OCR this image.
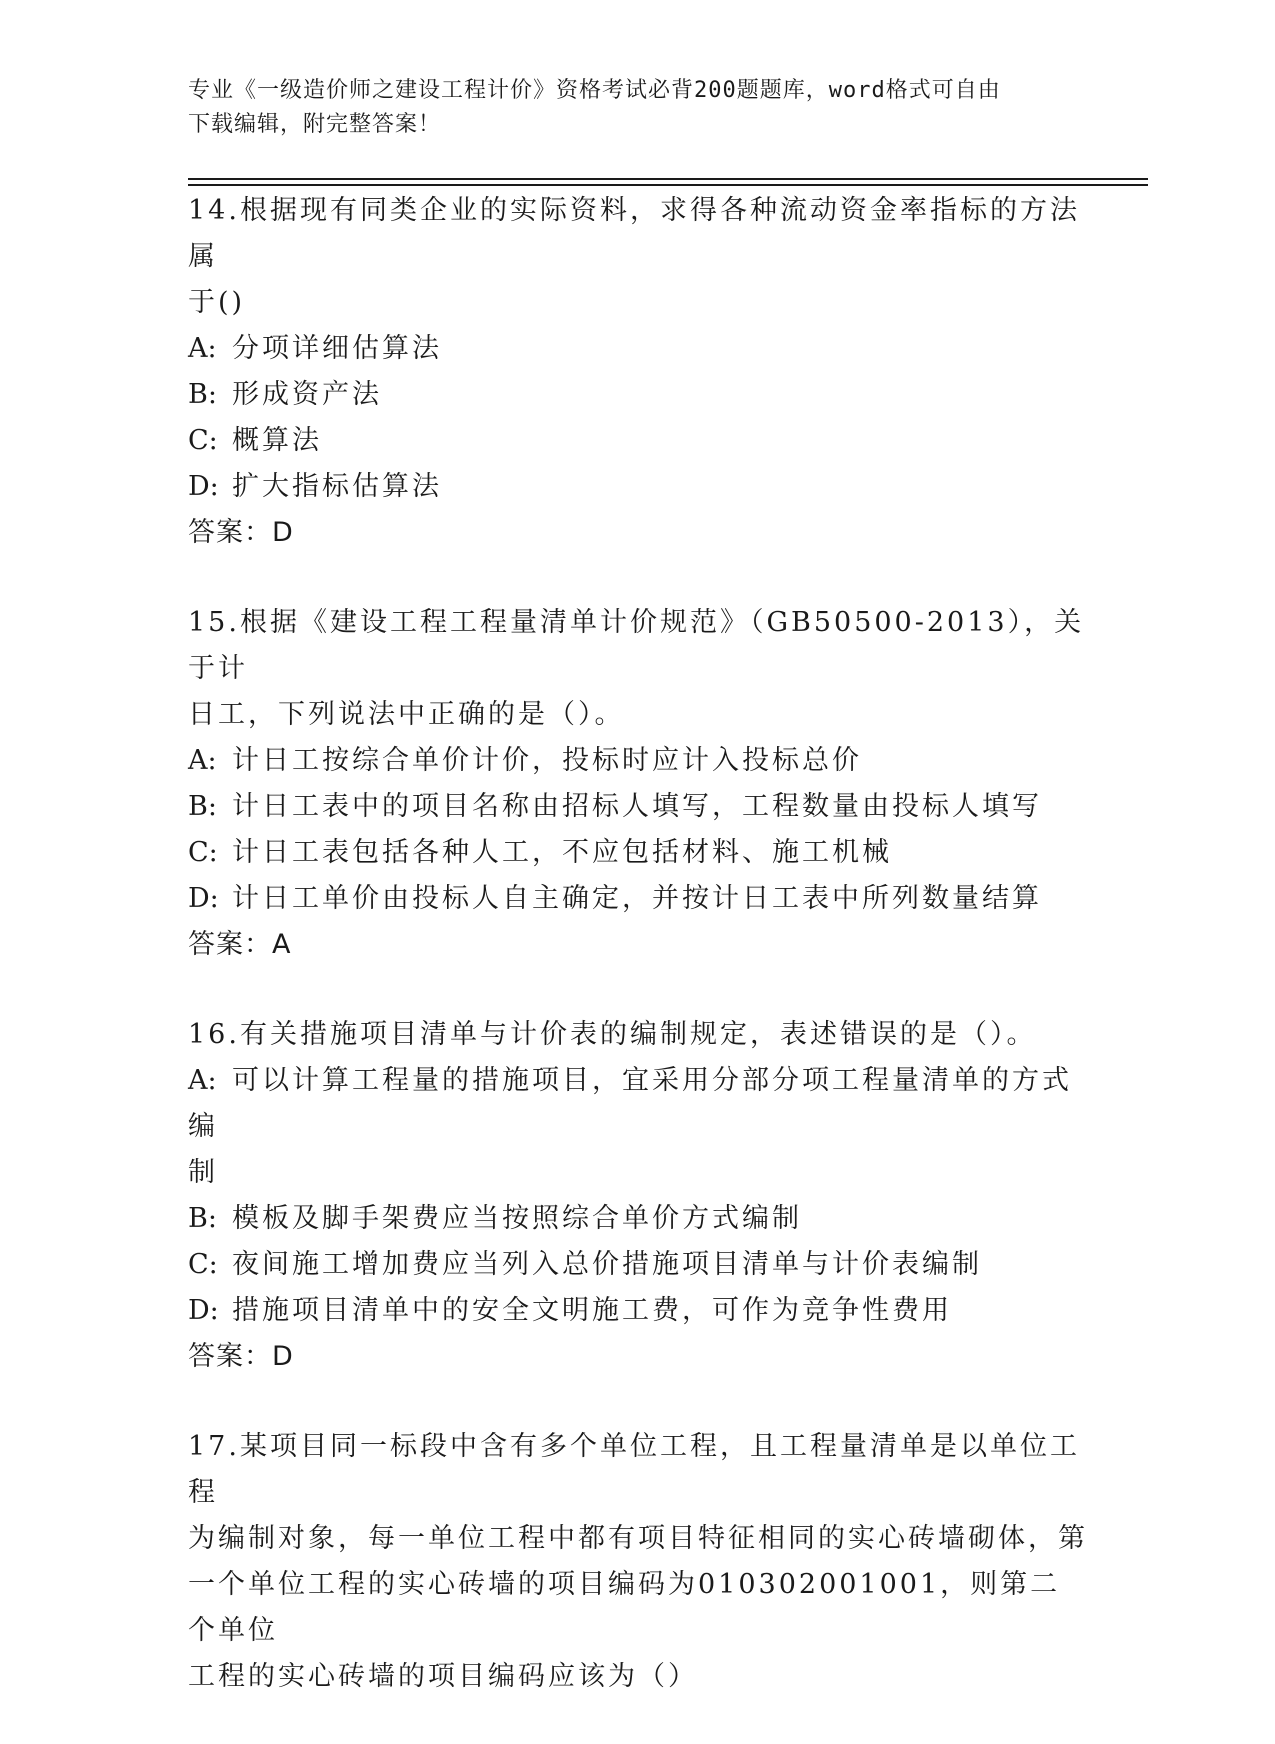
专业《一级造价师之建设工程计价》资格考试必背200题题库，word格式可自由
下载编辑，附完整答案！
14.根据现有同类企业的实际资料，求得各种流动资金率指标的方法属
于()
A: 分项详细估算法
B: 形成资产法
C: 概算法
D: 扩大指标估算法
答案：D
15.根据《建设工程工程量清单计价规范》（GB50500-2013），关于计
日工，下列说法中正确的是（）。
A: 计日工按综合单价计价，投标时应计入投标总价
B: 计日工表中的项目名称由招标人填写，工程数量由投标人填写
C: 计日工表包括各种人工，不应包括材料、施工机械
D: 计日工单价由投标人自主确定，并按计日工表中所列数量结算
答案：A
16.有关措施项目清单与计价表的编制规定，表述错误的是（）。
A: 可以计算工程量的措施项目，宜采用分部分项工程量清单的方式编
制
B: 模板及脚手架费应当按照综合单价方式编制
C: 夜间施工增加费应当列入总价措施项目清单与计价表编制
D: 措施项目清单中的安全文明施工费，可作为竞争性费用
答案：D
17.某项目同一标段中含有多个单位工程，且工程量清单是以单位工程
为编制对象，每一单位工程中都有项目特征相同的实心砖墙砌体，第
一个单位工程的实心砖墙的项目编码为010302001001，则第二个单位
工程的实心砖墙的项目编码应该为（）
